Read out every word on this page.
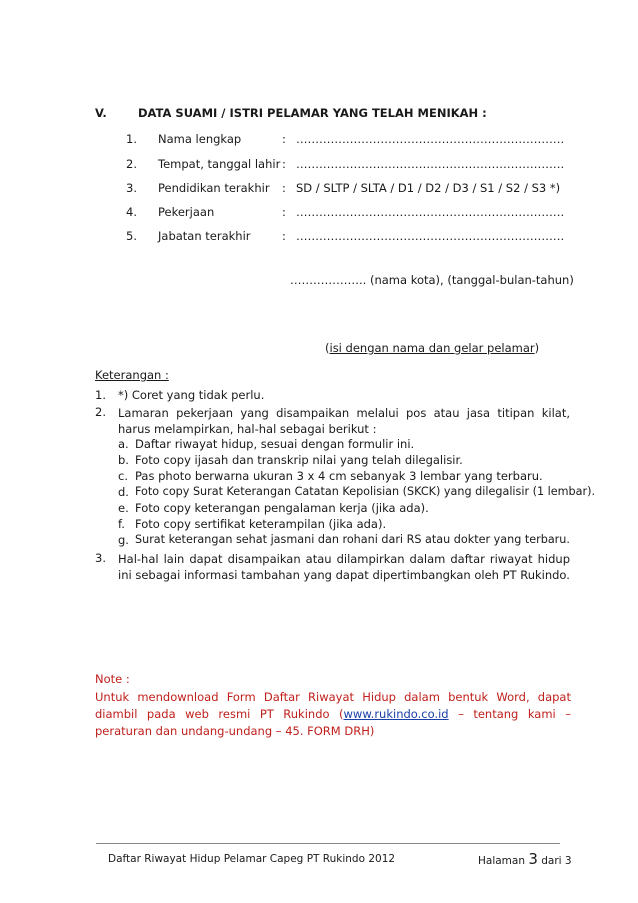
V.	DATA SUAMI / ISTRI PELAMAR YANG TELAH MENIKAH :
1. Nama lengkap	: …………………………………………………………….
2. Tempat, tanggal lahir : …………………………………………………………….
3. Pendidikan terakhir : SD / SLTP / SLTA / D1 / D2 / D3 / S1 / S2 / S3 *)
4. Pekerjaan	: …………………………………………………………….
5. Jabatan terakhir	: …………………………………………………………….
……………….. (nama kota), (tanggal-bulan-tahun)
(isi dengan nama dan gelar pelamar)
Keterangan :
1. *) Coret yang tidak perlu.
2. Lamaran pekerjaan yang disampaikan melalui pos atau jasa titipan kilat, harus melampirkan, hal-hal sebagai berikut :
a. Daftar riwayat hidup, sesuai dengan formulir ini.
b. Foto copy ijasah dan transkrip nilai yang telah dilegalisir.
c. Pas photo berwarna ukuran 3 x 4 cm sebanyak 3 lembar yang terbaru.
d. Foto copy Surat Keterangan Catatan Kepolisian (SKCK) yang dilegalisir (1 lembar).
e. Foto copy keterangan pengalaman kerja (jika ada).
f. Foto copy sertifikat keterampilan (jika ada).
g. Surat keterangan sehat jasmani dan rohani dari RS atau dokter yang terbaru.
3. Hal-hal lain dapat disampaikan atau dilampirkan dalam daftar riwayat hidup ini sebagai informasi tambahan yang dapat dipertimbangkan oleh PT Rukindo.
Note :
Untuk mendownload Form Daftar Riwayat Hidup dalam bentuk Word, dapat diambil pada web resmi PT Rukindo (www.rukindo.co.id – tentang kami – peraturan dan undang-undang – 45. FORM DRH)
Daftar Riwayat Hidup Pelamar Capeg PT Rukindo 2012	Halaman 3 dari 3
